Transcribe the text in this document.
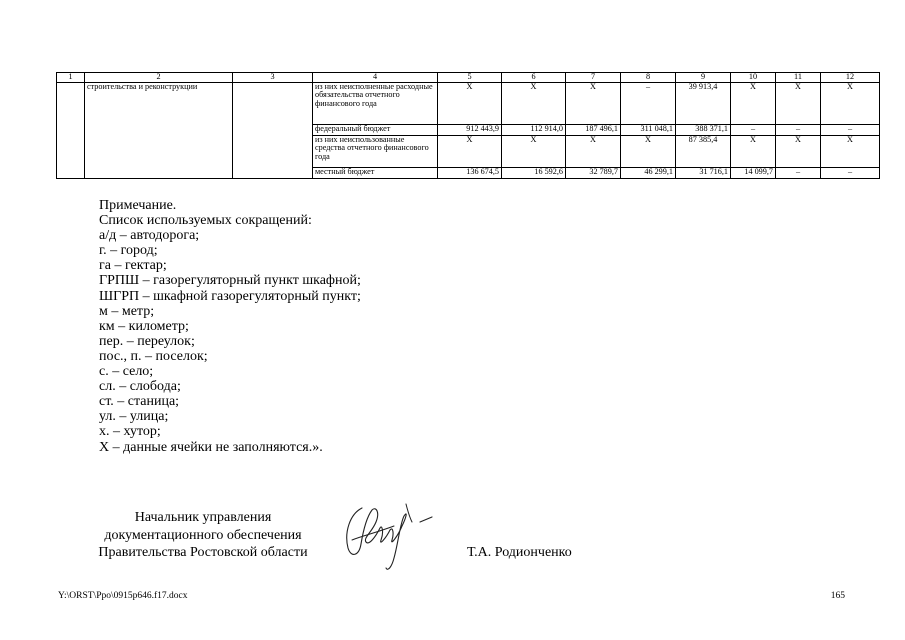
1	2	3	4	5	6	7	8	9	10	11	12
	строительства и реконструкции		из них неисполненные расходные обязательства отчетного финансового года	Х	Х	Х	–	39 913,4	Х	Х	Х
			федеральный бюджет	912 443,9	112 914,0	187 496,1	311 048,1	388 371,1	–	–	–
			из них неиспользованные средства отчетного финансового года	Х	Х	Х	Х	87 385,4	Х	Х	Х
			местный бюджет	136 674,5	16 592,6	32 789,7	46 299,1	31 716,1	14 099,7	–	–
Примечание.
Список используемых сокращений:
а/д – автодорога;
г. – город;
га – гектар;
ГРПШ – газорегуляторный пункт шкафной;
ШГРП – шкафной газорегуляторный пункт;
м – метр;
км – километр;
пер. – переулок;
пос., п. – поселок;
с. – село;
сл. – слобода;
ст. – станица;
ул. – улица;
х. – хутор;
Х – данные ячейки не заполняются.».
Начальник управления
документационного обеспечения
Правительства Ростовской области	Т.А. Родионченко
Y:\ORST\Ppo\0915p646.f17.docx	165
